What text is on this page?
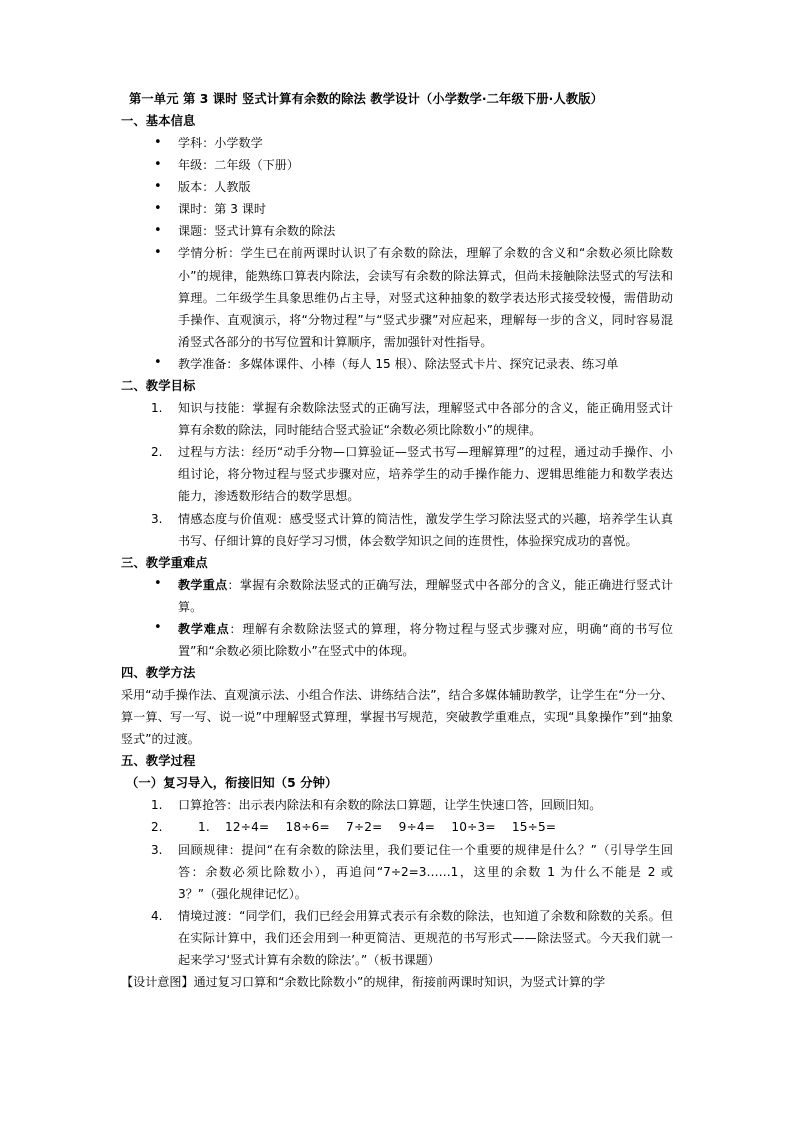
第一单元 第 3 课时 竖式计算有余数的除法 教学设计（小学数学·二年级下册·人教版）
一、基本信息
• 学科：小学数学
• 年级：二年级（下册）
• 版本：人教版
• 课时：第 3 课时
• 课题：竖式计算有余数的除法
• 学情分析：学生已在前两课时认识了有余数的除法，理解了余数的含义和“余数必须比除数小”的规律，能熟练口算表内除法，会读写有余数的除法算式，但尚未接触除法竖式的写法和算理。二年级学生具象思维仍占主导，对竖式这种抽象的数学表达形式接受较慢，需借助动手操作、直观演示，将“分物过程”与“竖式步骤”对应起来，理解每一步的含义，同时容易混淆竖式各部分的书写位置和计算顺序，需加强针对性指导。
• 教学准备：多媒体课件、小棒（每人 15 根）、除法竖式卡片、探究记录表、练习单
二、教学目标
知识与技能：掌握有余数除法竖式的正确写法，理解竖式中各部分的含义，能正确用竖式计算有余数的除法，同时能结合竖式验证“余数必须比除数小”的规律。
过程与方法：经历“动手分物—口算验证—竖式书写—理解算理”的过程，通过动手操作、小组讨论，将分物过程与竖式步骤对应，培养学生的动手操作能力、逻辑思维能力和数学表达能力，渗透数形结合的数学思想。
情感态度与价值观：感受竖式计算的简洁性，激发学生学习除法竖式的兴趣，培养学生认真书写、仔细计算的良好学习习惯，体会数学知识之间的连贯性，体验探究成功的喜悦。
三、教学重难点
• 教学重点：掌握有余数除法竖式的正确写法，理解竖式中各部分的含义，能正确进行竖式计算。
• 教学难点：理解有余数除法竖式的算理，将分物过程与竖式步骤对应，明确“商的书写位置”和“余数必须比除数小”在竖式中的体现。
四、教学方法

采用“动手操作法、直观演示法、小组合作法、讲练结合法”，结合多媒体辅助教学，让学生在“分一分、算一算、写一写、说一说”中理解竖式算理，掌握书写规范，突破教学重难点，实现“具象操作”到“抽象竖式”的过渡。

五、教学过程
（一）复习导入，衔接旧知（5 分钟）
口算抢答：出示表内除法和有余数的除法口算题，让学生快速口答，回顾旧知。
12÷4=    18÷6=    7÷2=    9÷4=    10÷3=    15÷5=
回顾规律：提问“在有余数的除法里，我们要记住一个重要的规律是什么？”（引导学生回答：余数必须比除数小），再追问“7÷2=3……1，这里的余数 1 为什么不能是 2 或 3？”（强化规律记忆）。
情境过渡：“同学们，我们已经会用算式表示有余数的除法，也知道了余数和除数的关系。但在实际计算中，我们还会用到一种更简洁、更规范的书写形式——除法竖式。今天我们就一起来学习‘竖式计算有余数的除法’。”（板书课题）

【设计意图】通过复习口算和“余数比除数小”的规律，衔接前两课时知识，为竖式计算的学
